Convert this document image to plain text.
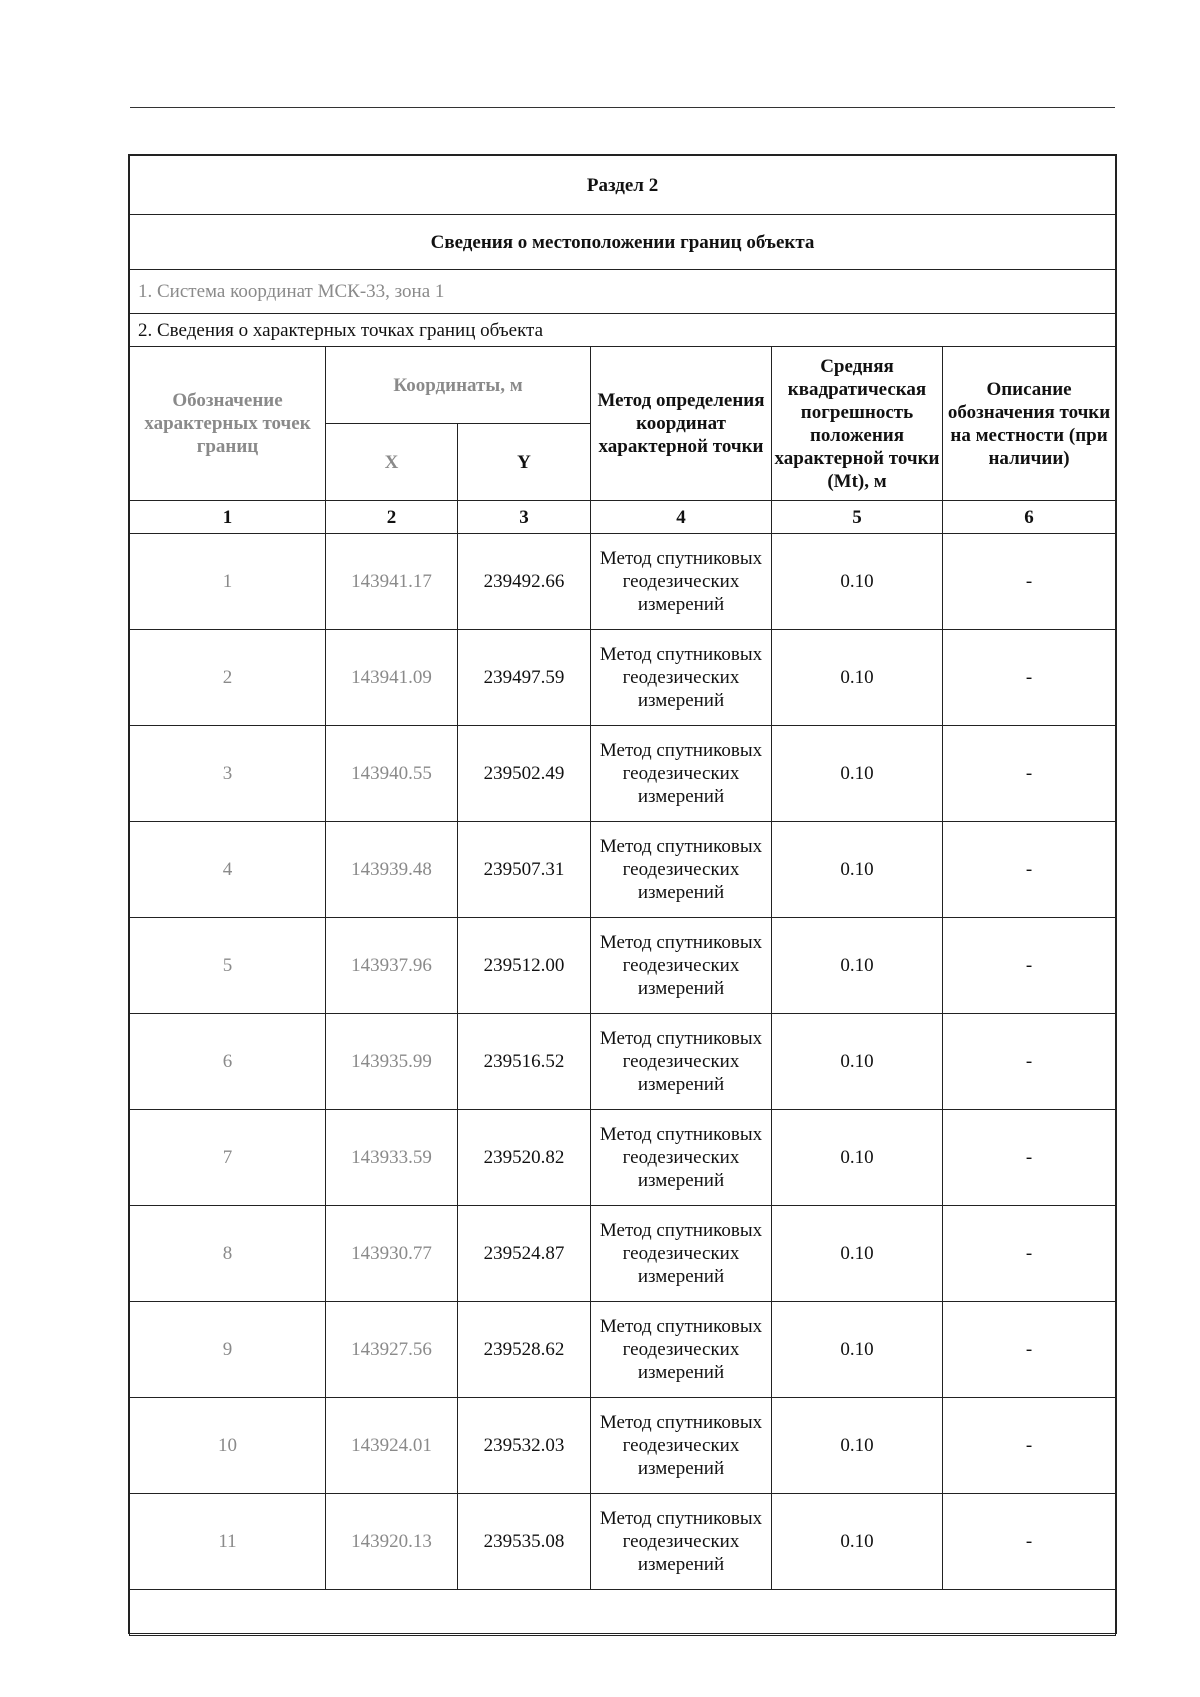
Раздел 2					
Сведения о местоположении границ объекта					
1. Система координат МСК-33, зона 1					
2. Сведения о характерных точках границ объекта					
Обозначение характерных точек границ	Координаты, м		Метод определения координат характерной точки	Средняя квадратическая погрешность положения характерной точки (Mt), м	Описание обозначения точки на местности (при наличии)
	X	Y			
1	2	3	4	5	6
1	143941.17	239492.66	Метод спутниковых геодезических измерений	0.10	-
2	143941.09	239497.59	Метод спутниковых геодезических измерений	0.10	-
3	143940.55	239502.49	Метод спутниковых геодезических измерений	0.10	-
4	143939.48	239507.31	Метод спутниковых геодезических измерений	0.10	-
5	143937.96	239512.00	Метод спутниковых геодезических измерений	0.10	-
6	143935.99	239516.52	Метод спутниковых геодезических измерений	0.10	-
7	143933.59	239520.82	Метод спутниковых геодезических измерений	0.10	-
8	143930.77	239524.87	Метод спутниковых геодезических измерений	0.10	-
9	143927.56	239528.62	Метод спутниковых геодезических измерений	0.10	-
10	143924.01	239532.03	Метод спутниковых геодезических измерений	0.10	-
11	143920.13	239535.08	Метод спутниковых геодезических измерений	0.10	-
